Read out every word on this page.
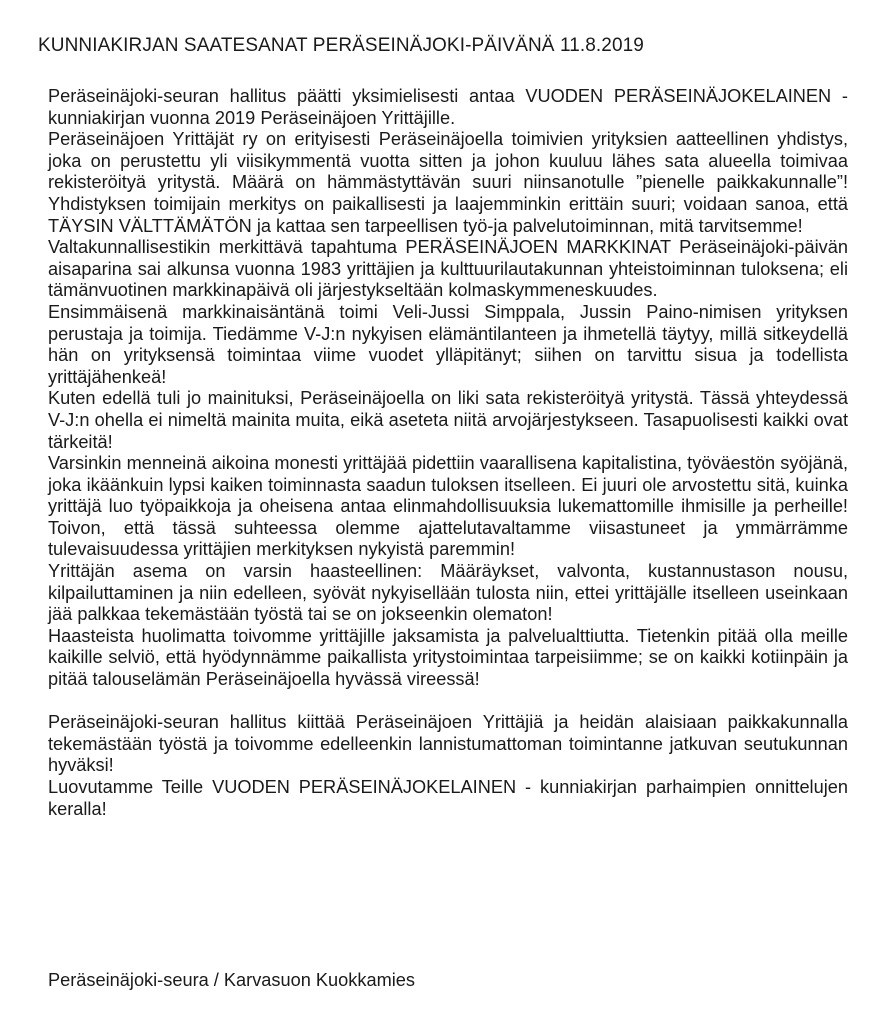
KUNNIAKIRJAN SAATESANAT PERÄSEINÄJOKI-PÄIVÄNÄ 11.8.2019

Peräseinäjoki-seuran hallitus päätti yksimielisesti antaa VUODEN PERÄSEINÄJOKELAINEN - kunniakirjan vuonna 2019 Peräseinäjoen Yrittäjille.

Peräseinäjoen Yrittäjät ry on erityisesti Peräseinäjoella toimivien yrityksien aatteellinen yhdistys, joka on perustettu yli viisikymmentä vuotta sitten ja johon kuuluu lähes sata alueella toimivaa rekisteröityä yritystä. Määrä on hämmästyttävän suuri niinsanotulle ”pienelle paikkakunnalle”! Yhdistyksen toimijain merkitys on paikallisesti ja laajemminkin erittäin suuri; voidaan sanoa, että TÄYSIN VÄLTTÄMÄTÖN ja kattaa sen tarpeellisen työ-ja palvelutoiminnan, mitä tarvitsemme!

Valtakunnallisestikin merkittävä tapahtuma PERÄSEINÄJOEN MARKKINAT Peräseinäjoki-päivän aisaparina sai alkunsa vuonna 1983 yrittäjien ja kulttuurilautakunnan yhteistoiminnan tuloksena; eli tämänvuotinen markkinapäivä oli järjestykseltään kolmaskymmeneskuudes.

Ensimmäisenä markkinaisäntänä toimi Veli-Jussi Simppala, Jussin Paino-nimisen yrityksen perustaja ja toimija. Tiedämme V-J:n nykyisen elämäntilanteen ja ihmetellä täytyy, millä sitkeydellä hän on yrityksensä toimintaa viime vuodet ylläpitänyt; siihen on tarvittu sisua ja todellista yrittäjähenkeä!

Kuten edellä tuli jo mainituksi, Peräseinäjoella on liki sata rekisteröityä yritystä. Tässä yhteydessä V-J:n ohella ei nimeltä mainita muita, eikä aseteta niitä arvojärjestykseen. Tasapuolisesti kaikki ovat tärkeitä!

Varsinkin menneinä aikoina monesti yrittäjää pidettiin vaarallisena kapitalistina, työväestön syöjänä, joka ikäänkuin lypsi kaiken toiminnasta saadun tuloksen itselleen. Ei juuri ole arvostettu sitä, kuinka yrittäjä luo työpaikkoja ja oheisena antaa elinmahdollisuuksia lukemattomille ihmisille ja perheille! Toivon, että tässä suhteessa olemme ajattelutavaltamme viisastuneet ja ymmärrämme tulevaisuudessa yrittäjien merkityksen nykyistä paremmin!

Yrittäjän asema on varsin haasteellinen: Määräykset, valvonta, kustannustason nousu, kilpailuttaminen ja niin edelleen, syövät nykyisellään tulosta niin, ettei yrittäjälle itselleen useinkaan jää palkkaa tekemästään työstä tai se on jokseenkin olematon!

Haasteista huolimatta toivomme yrittäjille jaksamista ja palvelualttiutta. Tietenkin pitää olla meille kaikille selviö, että hyödynnämme paikallista yritystoimintaa tarpeisiimme; se on kaikki kotiinpäin ja pitää talouselämän Peräseinäjoella hyvässä vireessä!

Peräseinäjoki-seuran hallitus kiittää Peräseinäjoen Yrittäjiä ja heidän alaisiaan paikkakunnalla tekemästään työstä ja toivomme edelleenkin lannistumattoman toimintanne jatkuvan seutukunnan hyväksi!

Luovutamme Teille VUODEN PERÄSEINÄJOKELAINEN - kunniakirjan parhaimpien onnittelujen keralla!

Peräseinäjoki-seura / Karvasuon Kuokkamies
